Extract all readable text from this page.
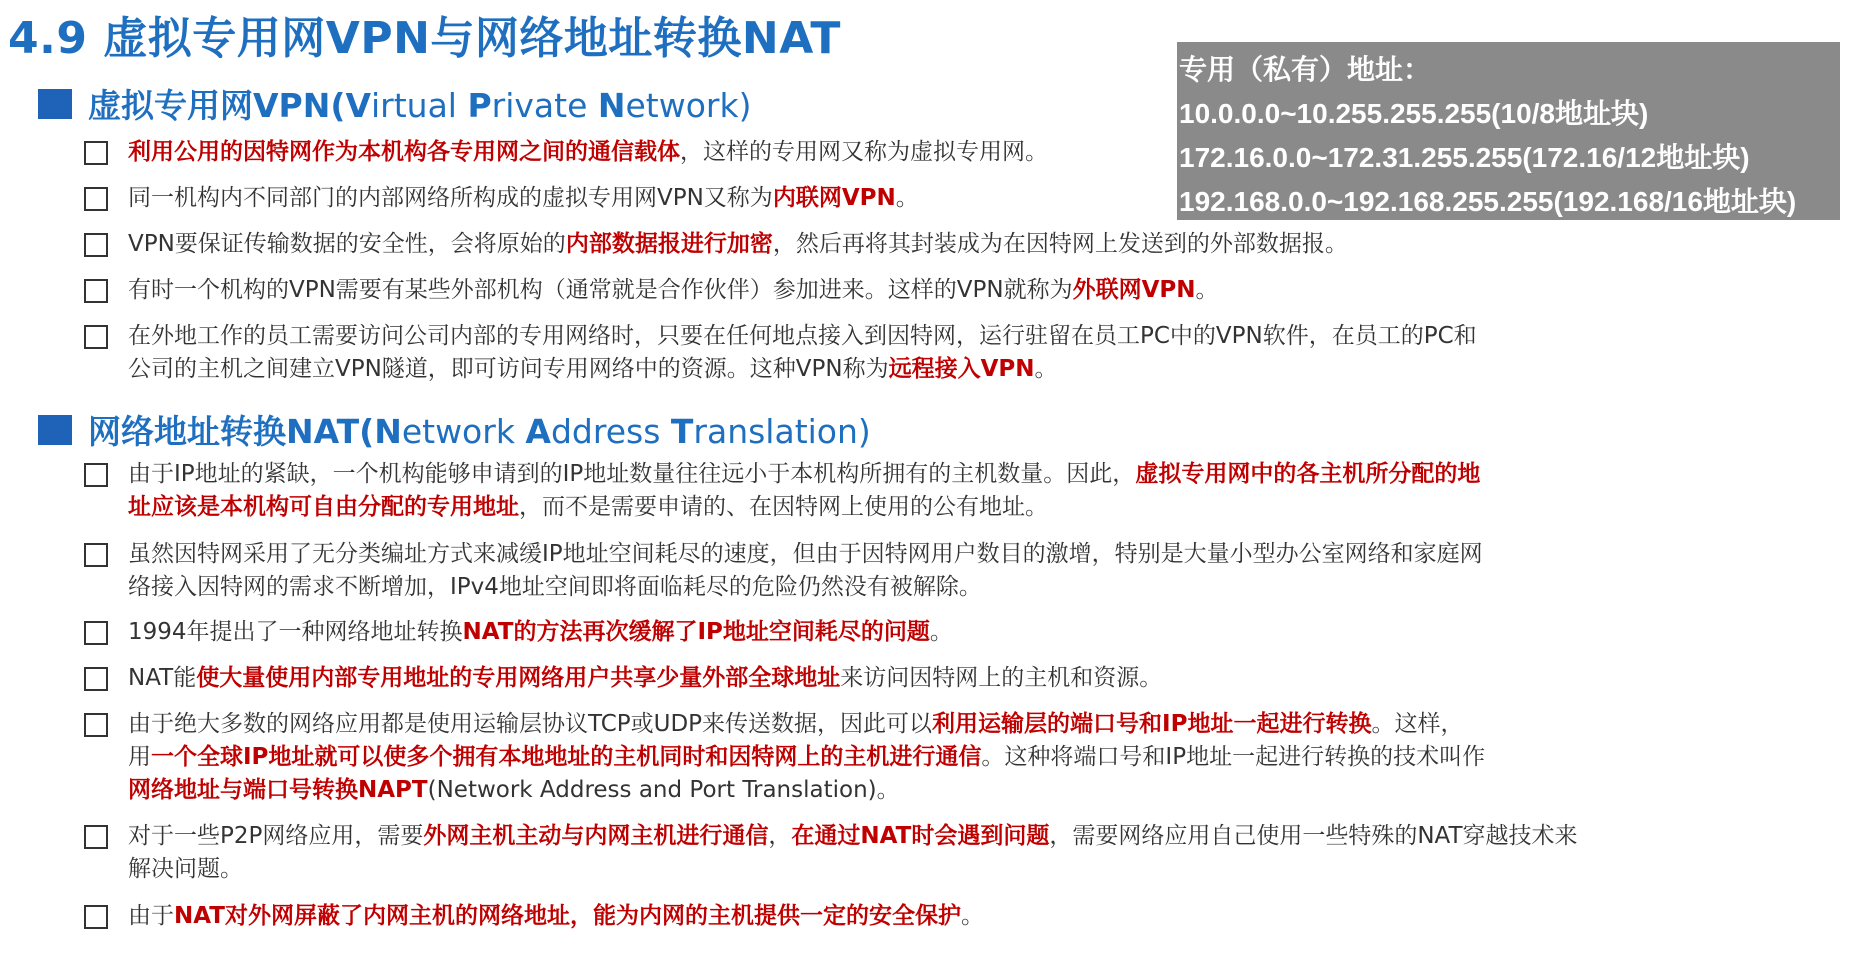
4.9 虚拟专用网VPN与网络地址转换NAT
专用（私有）地址：
10.0.0.0~10.255.255.255(10/8地址块)
172.16.0.0~172.31.255.255(172.16/12地址块)
192.168.0.0~192.168.255.255(192.168/16地址块)
虚拟专用网VPN(Virtual Private Network)
利用公用的因特网作为本机构各专用网之间的通信载体，这样的专用网又称为虚拟专用网。
同一机构内不同部门的内部网络所构成的虚拟专用网VPN又称为内联网VPN。
VPN要保证传输数据的安全性，会将原始的内部数据报进行加密，然后再将其封装成为在因特网上发送到的外部数据报。
有时一个机构的VPN需要有某些外部机构（通常就是合作伙伴）参加进来。这样的VPN就称为外联网VPN。
在外地工作的员工需要访问公司内部的专用网络时，只要在任何地点接入到因特网，运行驻留在员工PC中的VPN软件，在员工的PC和
公司的主机之间建立VPN隧道，即可访问专用网络中的资源。这种VPN称为远程接入VPN。
网络地址转换NAT(Network Address Translation)
由于IP地址的紧缺，一个机构能够申请到的IP地址数量往往远小于本机构所拥有的主机数量。因此，虚拟专用网中的各主机所分配的地
址应该是本机构可自由分配的专用地址，而不是需要申请的、在因特网上使用的公有地址。
虽然因特网采用了无分类编址方式来减缓IP地址空间耗尽的速度，但由于因特网用户数目的激增，特别是大量小型办公室网络和家庭网
络接入因特网的需求不断增加，IPv4地址空间即将面临耗尽的危险仍然没有被解除。
1994年提出了一种网络地址转换NAT的方法再次缓解了IP地址空间耗尽的问题。
NAT能使大量使用内部专用地址的专用网络用户共享少量外部全球地址来访问因特网上的主机和资源。
由于绝大多数的网络应用都是使用运输层协议TCP或UDP来传送数据，因此可以利用运输层的端口号和IP地址一起进行转换。这样，
用一个全球IP地址就可以使多个拥有本地地址的主机同时和因特网上的主机进行通信。这种将端口号和IP地址一起进行转换的技术叫作
网络地址与端口号转换NAPT(Network Address and Port Translation)。
对于一些P2P网络应用，需要外网主机主动与内网主机进行通信，在通过NAT时会遇到问题，需要网络应用自己使用一些特殊的NAT穿越技术来
解决问题。
由于NAT对外网屏蔽了内网主机的网络地址，能为内网的主机提供一定的安全保护。
